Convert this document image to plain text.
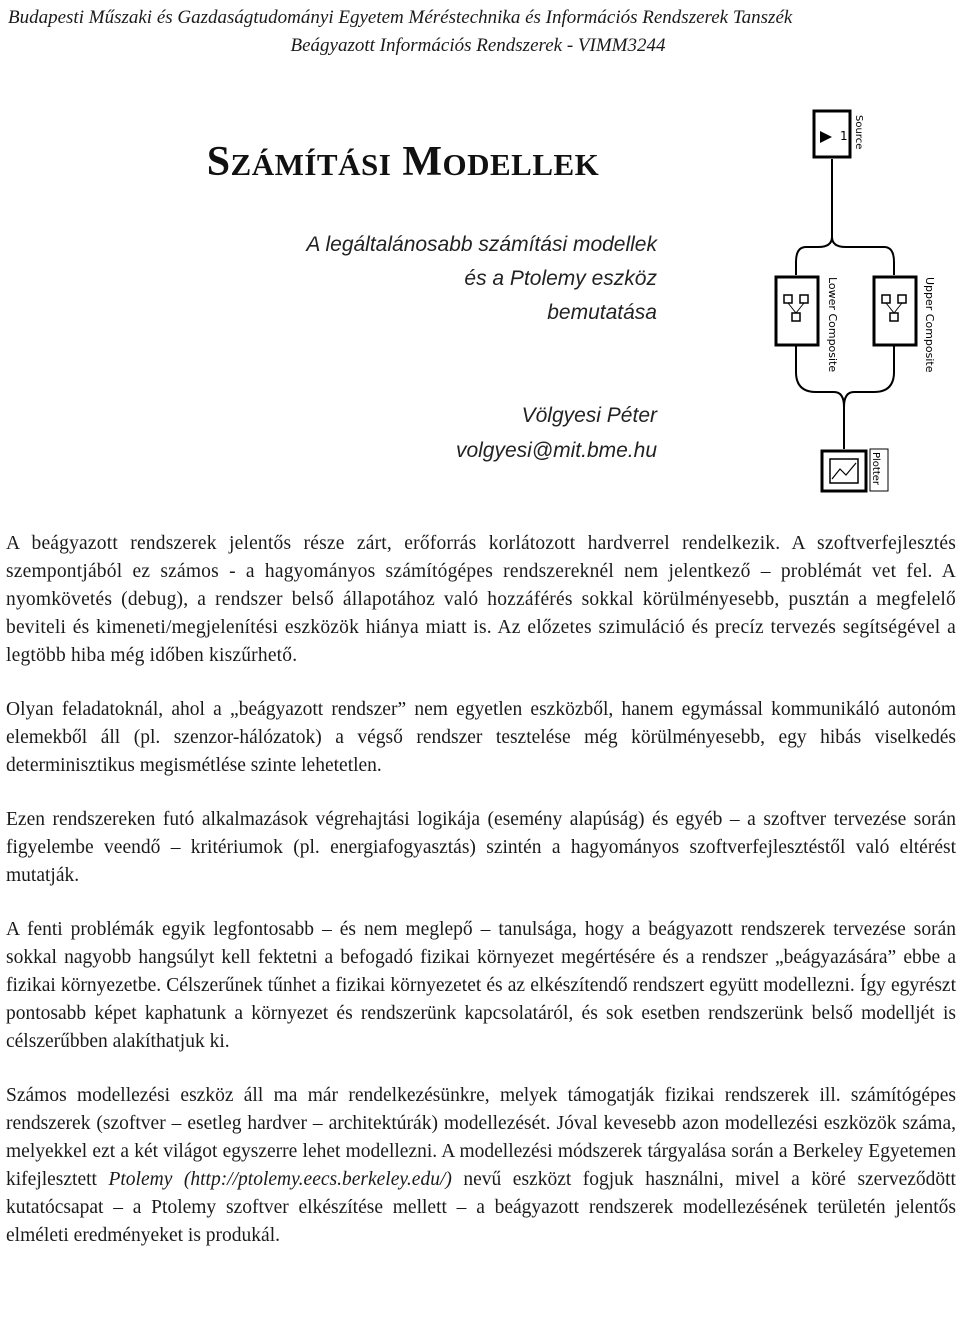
Budapesti Műszaki és Gazdaságtudományi Egyetem Méréstechnika és Információs Rendszerek Tanszék
Beágyazott Információs Rendszerek - VIMM3244
SZÁMÍTÁSI MODELLEK
A legáltalánosabb számítási modellek
és a Ptolemy eszköz
bemutatása
Völgyesi Péter
volgyesi@mit.bme.hu
1 Source
Lower Composite	Upper Composite
Plotter

A beágyazott rendszerek jelentős része zárt, erőforrás korlátozott hardverrel rendelkezik. A szoftverfejlesztés szempontjából ez számos - a hagyományos számítógépes rendszereknél nem jelentkező – problémát vet fel. A nyomkövetés (debug), a rendszer belső állapotához való hozzáférés sokkal körülményesebb, pusztán a megfelelő beviteli és kimeneti/megjelenítési eszközök hiánya miatt is. Az előzetes szimuláció és precíz tervezés segítségével a legtöbb hiba még időben kiszűrhető.

Olyan feladatoknál, ahol a „beágyazott rendszer” nem egyetlen eszközből, hanem egymással kommunikáló autonóm elemekből áll (pl. szenzor-hálózatok) a végső rendszer tesztelése még körülményesebb, egy hibás viselkedés determinisztikus megismétlése szinte lehetetlen.

Ezen rendszereken futó alkalmazások végrehajtási logikája (esemény alapúság) és egyéb – a szoftver tervezése során figyelembe veendő – kritériumok (pl. energiafogyasztás) szintén a hagyományos szoftverfejlesztéstől való eltérést mutatják.

A fenti problémák egyik legfontosabb – és nem meglepő – tanulsága, hogy a beágyazott rendszerek tervezése során sokkal nagyobb hangsúlyt kell fektetni a befogadó fizikai környezet megértésére és a rendszer „beágyazására” ebbe a fizikai környezetbe. Célszerűnek tűnhet a fizikai környezetet és az elkészítendő rendszert együtt modellezni. Így egyrészt pontosabb képet kaphatunk a környezet és rendszerünk kapcsolatáról, és sok esetben rendszerünk belső modelljét is célszerűbben alakíthatjuk ki.

Számos modellezési eszköz áll ma már rendelkezésünkre, melyek támogatják fizikai rendszerek ill. számítógépes rendszerek (szoftver – esetleg hardver – architektúrák) modellezését. Jóval kevesebb azon modellezési eszközök száma, melyekkel ezt a két világot egyszerre lehet modellezni. A modellezési módszerek tárgyalása során a Berkeley Egyetemen kifejlesztett Ptolemy (http://ptolemy.eecs.berkeley.edu/) nevű eszközt fogjuk használni, mivel a köré szerveződött kutatócsapat – a Ptolemy szoftver elkészítése mellett – a beágyazott rendszerek modellezésének területén jelentős elméleti eredményeket is produkál.
